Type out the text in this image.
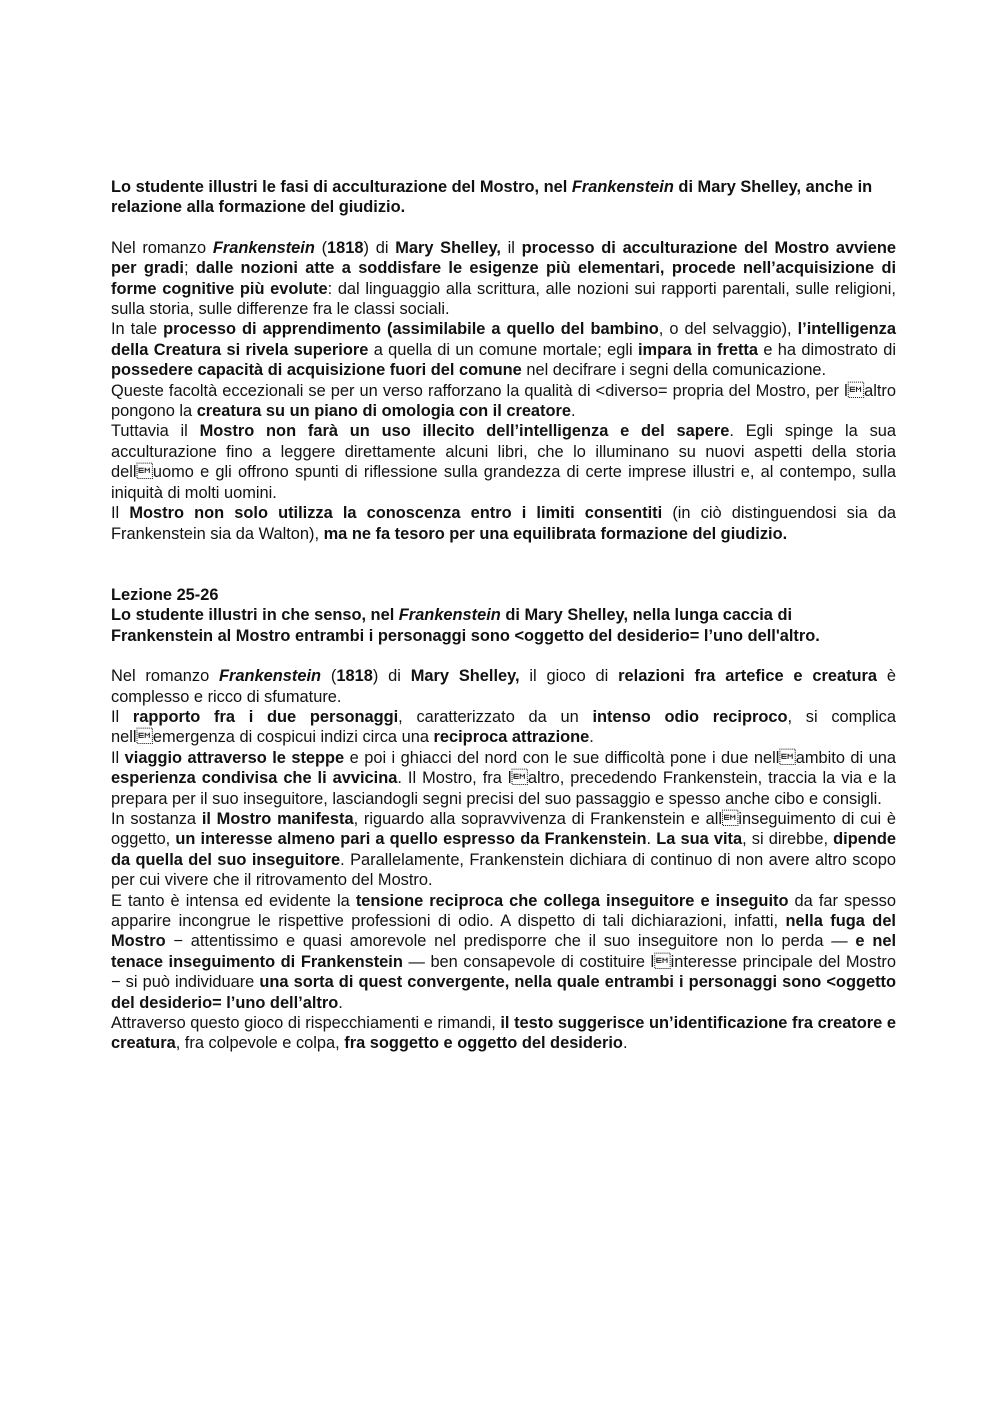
Lo studente illustri le fasi di acculturazione del Mostro, nel Frankenstein di Mary Shelley, anche in relazione alla formazione del giudizio.

Nel romanzo Frankenstein (1818) di Mary Shelley, il processo di acculturazione del Mostro avviene per gradi; dalle nozioni atte a soddisfare le esigenze più elementari, procede nell’acquisizione di forme cognitive più evolute: dal linguaggio alla scrittura, alle nozioni sui rapporti parentali, sulle religioni, sulla storia, sulle differenze fra le classi sociali.

In tale processo di apprendimento (assimilabile a quello del bambino, o del selvaggio), l’intelligenza della Creatura si rivela superiore a quella di un comune mortale; egli impara in fretta e ha dimostrato di possedere capacità di acquisizione fuori del comune nel decifrare i segni della comunicazione.

Queste facoltà eccezionali se per un verso rafforzano la qualità di <diverso= propria del Mostro, per laltro pongono la creatura su un piano di omologia con il creatore.

Tuttavia il Mostro non farà un uso illecito dell’intelligenza e del sapere. Egli spinge la sua acculturazione fino a leggere direttamente alcuni libri, che lo illuminano su nuovi aspetti della storia delluomo e gli offrono spunti di riflessione sulla grandezza di certe imprese illustri e, al contempo, sulla iniquità di molti uomini.

Il Mostro non solo utilizza la conoscenza entro i limiti consentiti (in ciò distinguendosi sia da Frankenstein sia da Walton), ma ne fa tesoro per una equilibrata formazione del giudizio.

Lezione 25-26

Lo studente illustri in che senso, nel Frankenstein di Mary Shelley, nella lunga caccia di Frankenstein al Mostro entrambi i personaggi sono <oggetto del desiderio= l’uno dell'altro.

Nel romanzo Frankenstein (1818) di Mary Shelley, il gioco di relazioni fra artefice e creatura è complesso e ricco di sfumature.

Il rapporto fra i due personaggi, caratterizzato da un intenso odio reciproco, si complica nellemergenza di cospicui indizi circa una reciproca attrazione.

Il viaggio attraverso le steppe e poi i ghiacci del nord con le sue difficoltà pone i due nellambito di una esperienza condivisa che li avvicina. Il Mostro, fra laltro, precedendo Frankenstein, traccia la via e la prepara per il suo inseguitore, lasciandogli segni precisi del suo passaggio e spesso anche cibo e consigli.

In sostanza il Mostro manifesta, riguardo alla sopravvivenza di Frankenstein e allinseguimento di cui è oggetto, un interesse almeno pari a quello espresso da Frankenstein. La sua vita, si direbbe, dipende da quella del suo inseguitore. Parallelamente, Frankenstein dichiara di continuo di non avere altro scopo per cui vivere che il ritrovamento del Mostro.

E tanto è intensa ed evidente la tensione reciproca che collega inseguitore e inseguito da far spesso apparire incongrue le rispettive professioni di odio. A dispetto di tali dichiarazioni, infatti, nella fuga del Mostro − attentissimo e quasi amorevole nel predisporre che il suo inseguitore non lo perda — e nel tenace inseguimento di Frankenstein — ben consapevole di costituire linteresse principale del Mostro − si può individuare una sorta di quest convergente, nella quale entrambi i personaggi sono <oggetto del desiderio= l’uno dell’altro.

Attraverso questo gioco di rispecchiamenti e rimandi, il testo suggerisce un’identificazione fra creatore e creatura, fra colpevole e colpa, fra soggetto e oggetto del desiderio.
